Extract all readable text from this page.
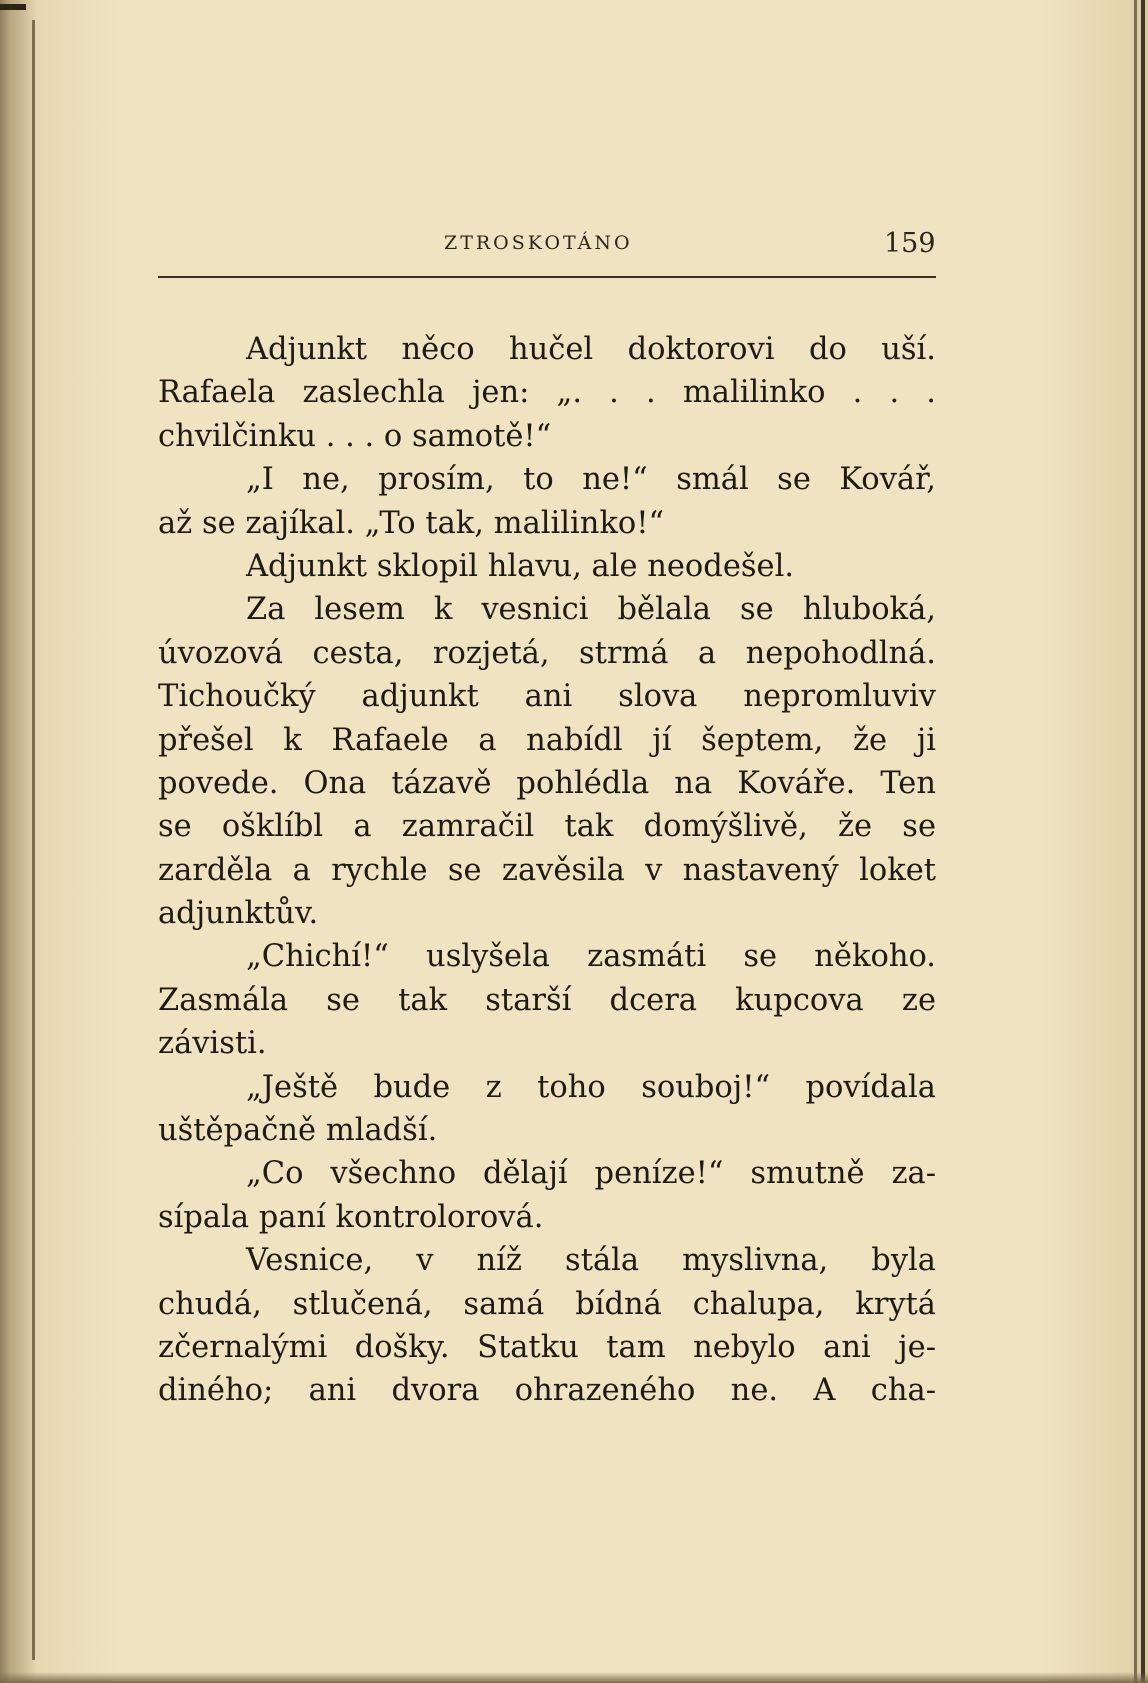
ZTROSKOTÁNO	159
Adjunkt něco hučel doktorovi do uší.
Rafaela zaslechla jen: „. . . malilinko . . .
chvilčinku . . . o samotě!“
„I ne, prosím, to ne!“ smál se Kovář,
až se zajíkal. „To tak, malilinko!“
Adjunkt sklopil hlavu, ale neodešel.
Za lesem k vesnici bělala se hluboká,
úvozová cesta, rozjetá, strmá a nepohodlná.
Tichoučký adjunkt ani slova nepromluviv
přešel k Rafaele a nabídl jí šeptem, že ji
povede. Ona tázavě pohlédla na Kováře. Ten
se ošklíbl a zamračil tak domýšlivě, že se
zarděla a rychle se zavěsila v nastavený loket
adjunktův.
„Chichí!“ uslyšela zasmáti se někoho.
Zasmála se tak starší dcera kupcova ze
závisti.
„Ještě bude z toho souboj!“ povídala
uštěpačně mladší.
„Co všechno dělají peníze!“ smutně za-
sípala paní kontrolorová.
Vesnice, v níž stála myslivna, byla
chudá, stlučená, samá bídná chalupa, krytá
zčernalými došky. Statku tam nebylo ani je-
diného; ani dvora ohrazeného ne. A cha-
